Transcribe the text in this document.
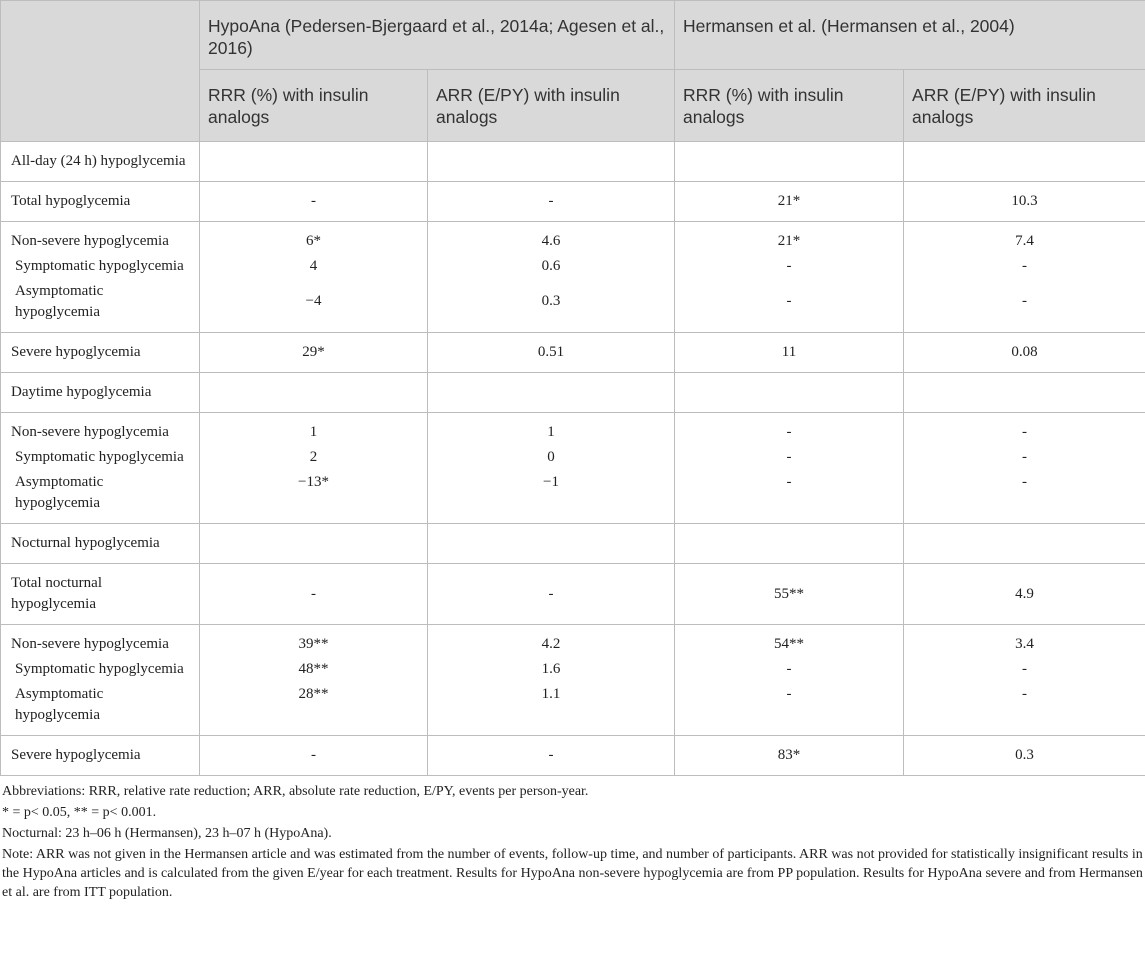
	HypoAna (Pedersen-Bjergaard et al., 2014a; Agesen et al., 2016)		Hermansen et al. (Hermansen et al., 2004)	
	RRR (%) with insulin analogs	ARR (E/PY) with insulin analogs	RRR (%) with insulin analogs	ARR (E/PY) with insulin analogs
All-day (24 h) hypoglycemia				
Total hypoglycemia	-	-	21*	10.3
Non-severe hypoglycemia	6*	4.6	21*	7.4
Symptomatic hypoglycemia	4	0.6	-	-
Asymptomatic hypoglycemia	−4	0.3	-	-
Severe hypoglycemia	29*	0.51	11	0.08
Daytime hypoglycemia				
Non-severe hypoglycemia	1	1	-	-
Symptomatic hypoglycemia	2	0	-	-
Asymptomatic hypoglycemia	−13*	−1	-	-
Nocturnal hypoglycemia				
Total nocturnal hypoglycemia	-	-	55**	4.9
Non-severe hypoglycemia	39**	4.2	54**	3.4
Symptomatic hypoglycemia	48**	1.6	-	-
Asymptomatic hypoglycemia	28**	1.1	-	-
Severe hypoglycemia	-	-	83*	0.3
Abbreviations: RRR, relative rate reduction; ARR, absolute rate reduction, E/PY, events per person-year.
* = p< 0.05, ** = p< 0.001.
Nocturnal: 23 h–06 h (Hermansen), 23 h–07 h (HypoAna).
Note: ARR was not given in the Hermansen article and was estimated from the number of events, follow-up time, and number of participants. ARR was not provided for statistically insignificant results in the HypoAna articles and is calculated from the given E/year for each treatment. Results for HypoAna non-severe hypoglycemia are from PP population. Results for HypoAna severe and from Hermansen et al. are from ITT population.
